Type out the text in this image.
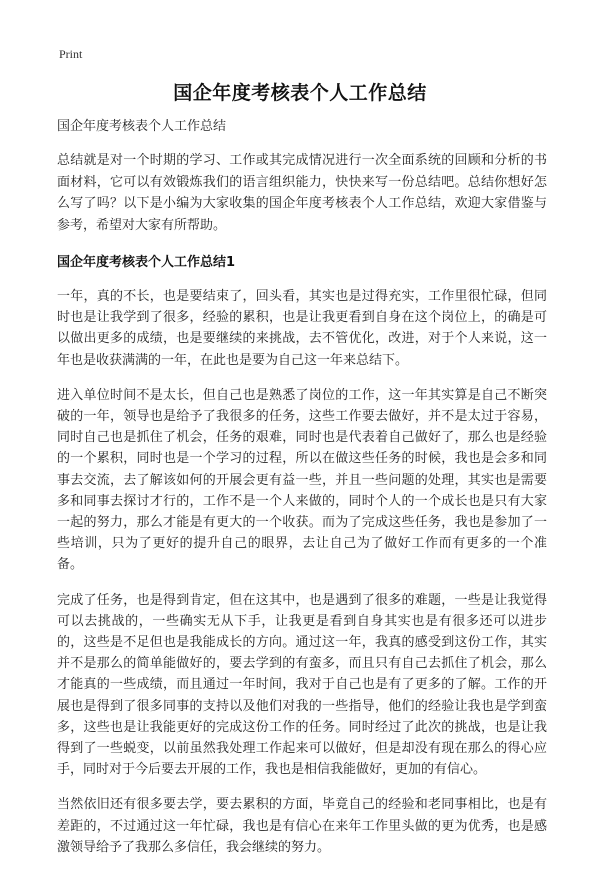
Print
国企年度考核表个人工作总结
国企年度考核表个人工作总结

总结就是对一个时期的学习、工作或其完成情况进行一次全面系统的回顾和分析的书面材料，它可以有效锻炼我们的语言组织能力，快快来写一份总结吧。总结你想好怎么写了吗？以下是小编为大家收集的国企年度考核表个人工作总结，欢迎大家借鉴与参考，希望对大家有所帮助。

国企年度考核表个人工作总结1

一年，真的不长，也是要结束了，回头看，其实也是过得充实，工作里很忙碌，但同时也是让我学到了很多，经验的累积，也是让我更看到自身在这个岗位上，的确是可以做出更多的成绩，也是要继续的来挑战，去不管优化，改进，对于个人来说，这一年也是收获满满的一年，在此也是要为自己这一年来总结下。

进入单位时间不是太长，但自己也是熟悉了岗位的工作，这一年其实算是自己不断突破的一年，领导也是给予了我很多的任务，这些工作要去做好，并不是太过于容易，同时自己也是抓住了机会，任务的艰难，同时也是代表着自己做好了，那么也是经验的一个累积，同时也是一个学习的过程，所以在做这些任务的时候，我也是会多和同事去交流，去了解该如何的开展会更有益一些，并且一些问题的处理，其实也是需要多和同事去探讨才行的，工作不是一个人来做的，同时个人的一个成长也是只有大家一起的努力，那么才能是有更大的一个收获。而为了完成这些任务，我也是参加了一些培训，只为了更好的提升自己的眼界，去让自己为了做好工作而有更多的一个准备。

完成了任务，也是得到肯定，但在这其中，也是遇到了很多的难题，一些是让我觉得可以去挑战的，一些确实无从下手，让我更是看到自身其实也是有很多还可以进步的，这些是不足但也是我能成长的方向。通过这一年，我真的感受到这份工作，其实并不是那么的简单能做好的，要去学到的有蛮多，而且只有自己去抓住了机会，那么才能真的一些成绩，而且通过一年时间，我对于自己也是有了更多的了解。工作的开展也是得到了很多同事的支持以及他们对我的一些指导，他们的经验让我也是学到蛮多，这些也是让我能更好的完成这份工作的任务。同时经过了此次的挑战，也是让我得到了一些蜕变，以前虽然我处理工作起来可以做好，但是却没有现在那么的得心应手，同时对于今后要去开展的工作，我也是相信我能做好，更加的有信心。

当然依旧还有很多要去学，要去累积的方面，毕竟自己的经验和老同事相比，也是有差距的，不过通过这一年忙碌，我也是有信心在来年工作里头做的更为优秀，也是感激领导给予了我那么多信任，我会继续的努力。
